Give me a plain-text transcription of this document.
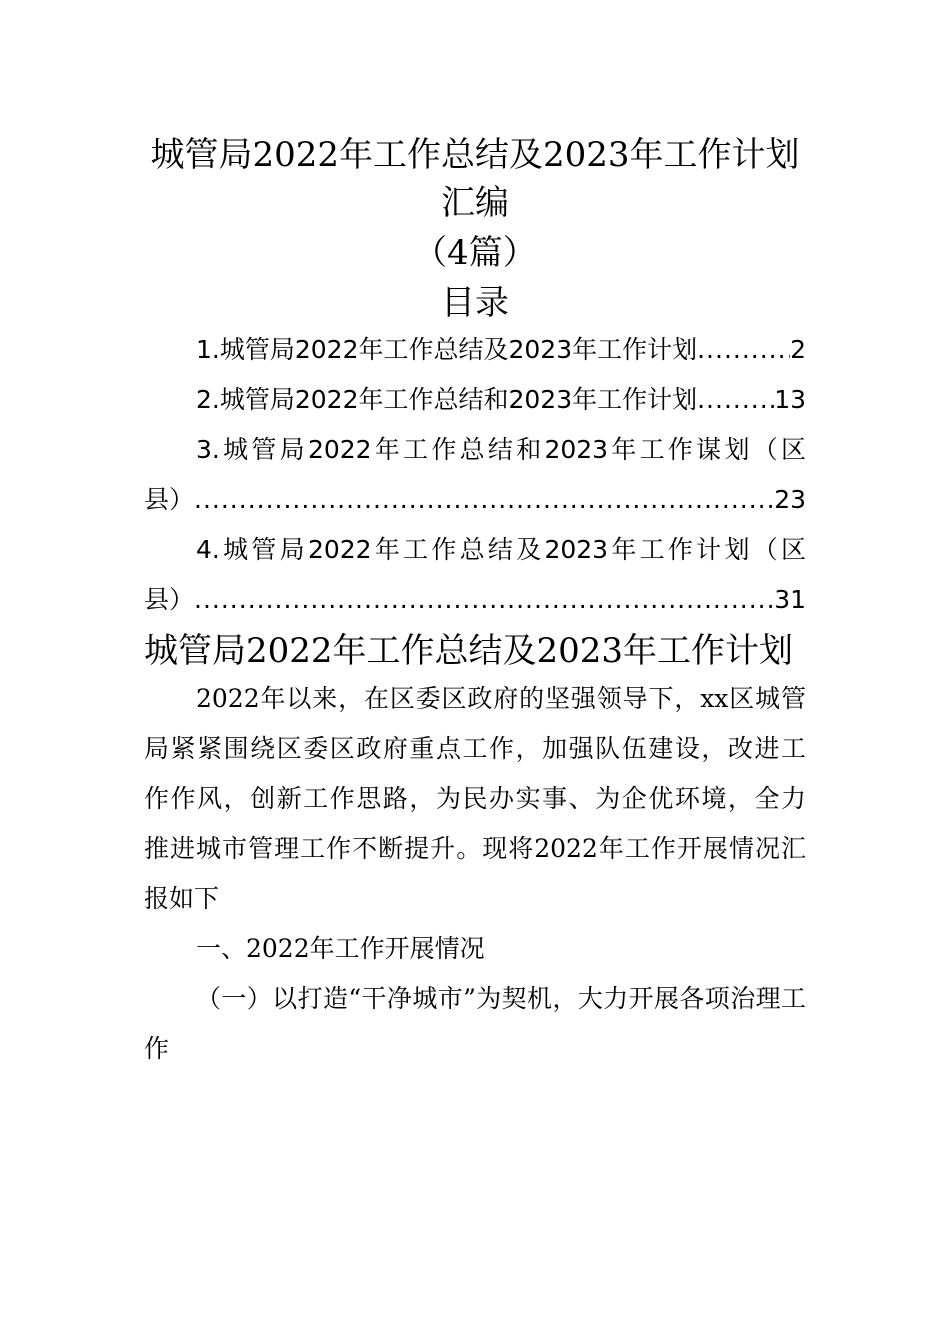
城管局2022年工作总结及2023年工作计划
汇编
（4篇）
目录
1.城管局2022年工作总结及2023年工作计划 .....	2
2.城管局2022年工作总结和2023年工作计划 .....	13
3.城管局2022年工作总结和2023年工作谋划（区
县） .....	23
4.城管局2022年工作总结及2023年工作计划（区
县） .....	31
城管局2022年工作总结及2023年工作计划
2022年以来，在区委区政府的坚强领导下，xx区城管
局紧紧围绕区委区政府重点工作，加强队伍建设，改进工
作作风，创新工作思路，为民办实事、为企优环境，全力
推进城市管理工作不断提升。现将2022年工作开展情况汇
报如下
一、2022年工作开展情况
（一）以打造“干净城市”为契机，大力开展各项治理工
作
